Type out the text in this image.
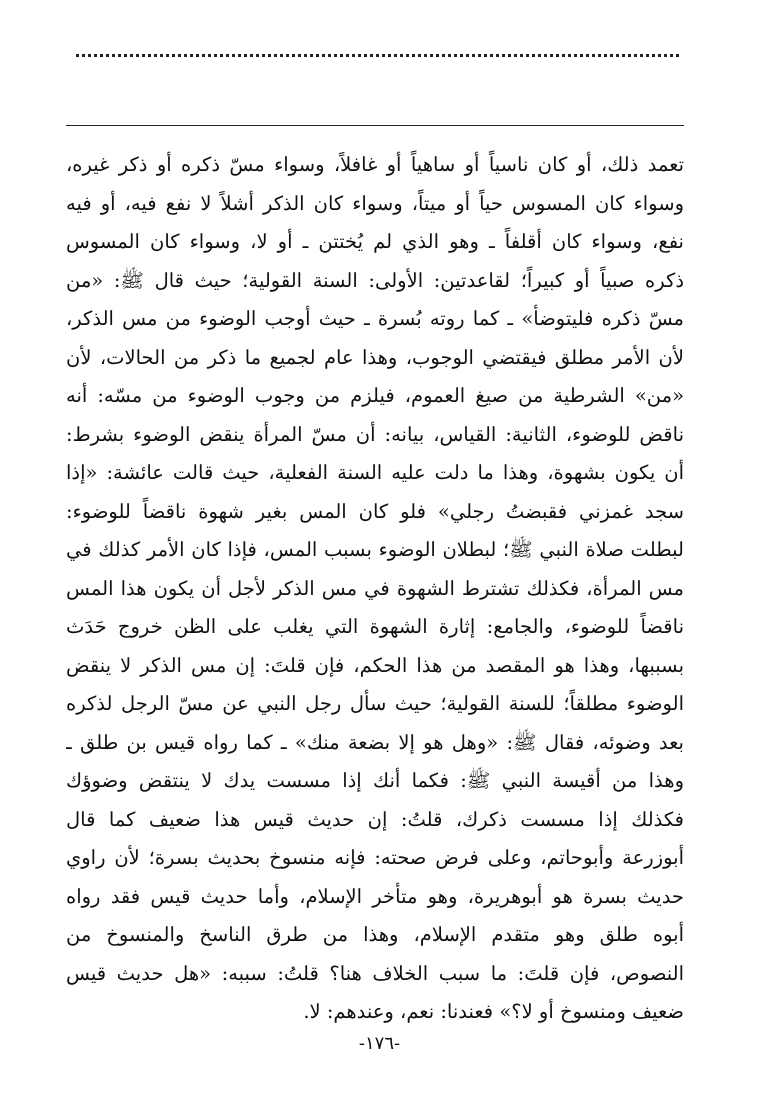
تعمد ذلك، أو كان ناسياً أو ساهياً أو غافلاً، وسواء مسّ ذكره أو ذكر غيره،
وسواء كان المسوس حياً أو ميتاً، وسواء كان الذكر أشلاً لا نفع فيه، أو فيه
نفع، وسواء كان أقلفاً ـ وهو الذي لم يُختتن ـ أو لا، وسواء كان المسوس
ذكره صبياً أو كبيراً؛ لقاعدتين: الأولى: السنة القولية؛ حيث قال ﷺ: «من
مسّ ذكره فليتوضأ» ـ كما روته بُسرة ـ حيث أوجب الوضوء من مس الذكر،
لأن الأمر مطلق فيقتضي الوجوب، وهذا عام لجميع ما ذكر من الحالات، لأن
«من» الشرطية من صيغ العموم، فيلزم من وجوب الوضوء من مسّه: أنه
ناقض للوضوء، الثانية: القياس، بيانه: أن مسّ المرأة ينقض الوضوء بشرط:
أن يكون بشهوة، وهذا ما دلت عليه السنة الفعلية، حيث قالت عائشة: «إذا
سجد غمزني فقبضتُ رجلي» فلو كان المس بغير شهوة ناقضاً للوضوء:
لبطلت صلاة النبي ﷺ؛ لبطلان الوضوء بسبب المس، فإذا كان الأمر كذلك في
مس المرأة، فكذلك تشترط الشهوة في مس الذكر لأجل أن يكون هذا المس
ناقضاً للوضوء، والجامع: إثارة الشهوة التي يغلب على الظن خروج حَدَث
بسببها، وهذا هو المقصد من هذا الحكم، فإن قلتَ: إن مس الذكر لا ينقض
الوضوء مطلقاً؛ للسنة القولية؛ حيث سأل رجل النبي عن مسّ الرجل لذكره
بعد وضوئه، فقال ﷺ: «وهل هو إلا بضعة منك» ـ كما رواه قيس بن طلق ـ
وهذا من أقيسة النبي ﷺ: فكما أنك إذا مسست يدك لا ينتقض وضوؤك
فكذلك إذا مسست ذكرك، قلتُ: إن حديث قيس هذا ضعيف كما قال
أبوزرعة وأبوحاتم، وعلى فرض صحته: فإنه منسوخ بحديث بسرة؛ لأن راوي
حديث بسرة هو أبوهريرة، وهو متأخر الإسلام، وأما حديث قيس فقد رواه
أبوه طلق وهو متقدم الإسلام، وهذا من طرق الناسخ والمنسوخ من
النصوص، فإن قلتَ: ما سبب الخلاف هنا؟ قلتُ: سببه: «هل حديث قيس
ضعيف ومنسوخ أو لا؟» فعندنا: نعم، وعندهم: لا.
-١٧٦-
